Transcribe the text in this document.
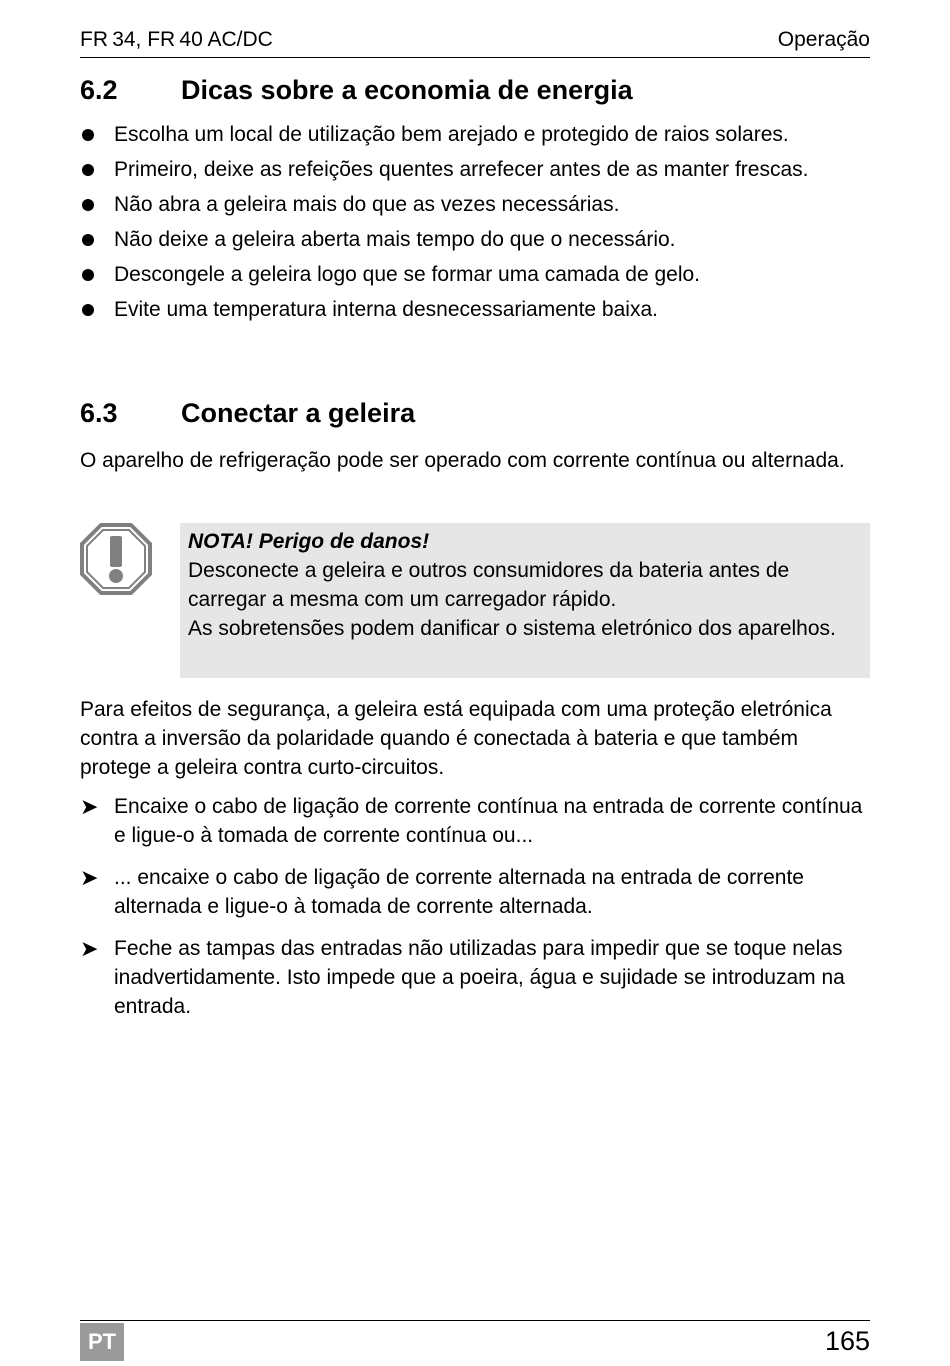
FR 34, FR 40 AC/DC	Operação
6.2 Dicas sobre a economia de energia
Escolha um local de utilização bem arejado e protegido de raios solares.
Primeiro, deixe as refeições quentes arrefecer antes de as manter frescas.
Não abra a geleira mais do que as vezes necessárias.
Não deixe a geleira aberta mais tempo do que o necessário.
Descongele a geleira logo que se formar uma camada de gelo.
Evite uma temperatura interna desnecessariamente baixa.
6.3 Conectar a geleira

O aparelho de refrigeração pode ser operado com corrente contínua ou alternada.

NOTA! Perigo de danos!
Desconecte a geleira e outros consumidores da bateria antes de carregar a mesma com um carregador rápido.
As sobretensões podem danificar o sistema eletrónico dos aparelhos.

Para efeitos de segurança, a geleira está equipada com uma proteção eletrónica contra a inversão da polaridade quando é conectada à bateria e que também protege a geleira contra curto-circuitos.

➤ Encaixe o cabo de ligação de corrente contínua na entrada de corrente contínua e ligue-o à tomada de corrente contínua ou...
➤ ... encaixe o cabo de ligação de corrente alternada na entrada de corrente alternada e ligue-o à tomada de corrente alternada.
➤ Feche as tampas das entradas não utilizadas para impedir que se toque nelas inadvertidamente. Isto impede que a poeira, água e sujidade se introduzam na entrada.
PT	165
